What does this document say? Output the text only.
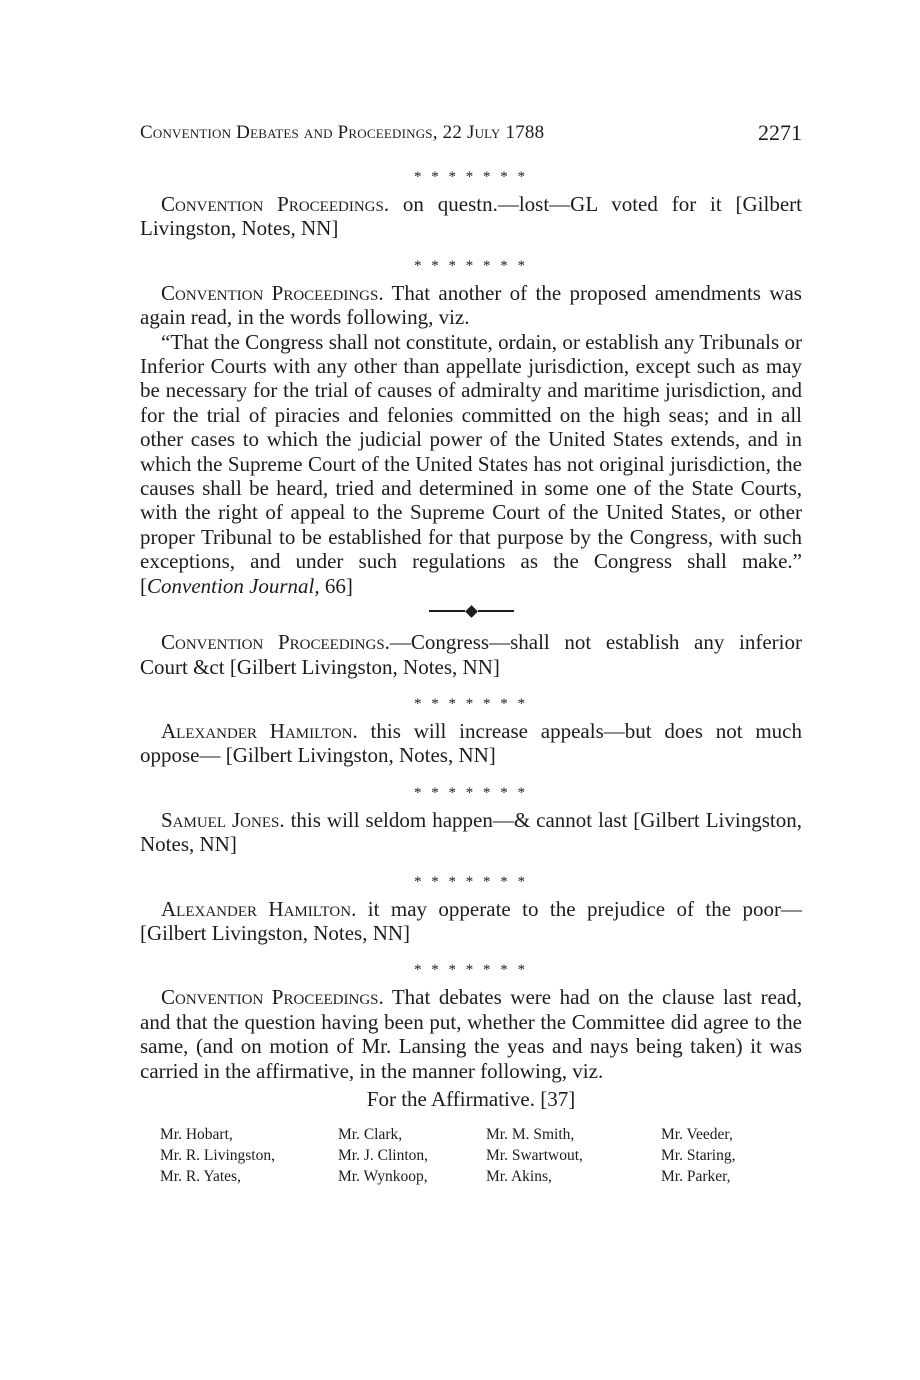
Convention Debates and Proceedings, 22 July 1788	2271
* * * * * * *

Convention Proceedings. on questn.—lost—GL voted for it [Gilbert Livingston, Notes, NN]

* * * * * * *

Convention Proceedings. That another of the proposed amendments was again read, in the words following, viz.

“That the Congress shall not constitute, ordain, or establish any Tribunals or Inferior Courts with any other than appellate jurisdiction, except such as may be necessary for the trial of causes of admiralty and maritime jurisdiction, and for the trial of piracies and felonies committed on the high seas; and in all other cases to which the judicial power of the United States extends, and in which the Supreme Court of the United States has not original jurisdiction, the causes shall be heard, tried and determined in some one of the State Courts, with the right of appeal to the Supreme Court of the United States, or other proper Tribunal to be established for that purpose by the Congress, with such exceptions, and under such regulations as the Congress shall make.” [Convention Journal, 66]

Convention Proceedings.—Congress—shall not establish any inferior Court &ct [Gilbert Livingston, Notes, NN]

* * * * * * *

Alexander Hamilton. this will increase appeals—but does not much oppose— [Gilbert Livingston, Notes, NN]

* * * * * * *

Samuel Jones. this will seldom happen—& cannot last [Gilbert Livingston, Notes, NN]

* * * * * * *

Alexander Hamilton. it may opperate to the prejudice of the poor— [Gilbert Livingston, Notes, NN]

* * * * * * *

Convention Proceedings. That debates were had on the clause last read, and that the question having been put, whether the Committee did agree to the same, (and on motion of Mr. Lansing the yeas and nays being taken) it was carried in the affirmative, in the manner following, viz.

For the Affirmative. [37]
Mr. Hobart,
Mr. R. Livingston,
Mr. R. Yates,
Mr. Clark,
Mr. J. Clinton,
Mr. Wynkoop,
Mr. M. Smith,
Mr. Swartwout,
Mr. Akins,
Mr. Veeder,
Mr. Staring,
Mr. Parker,
